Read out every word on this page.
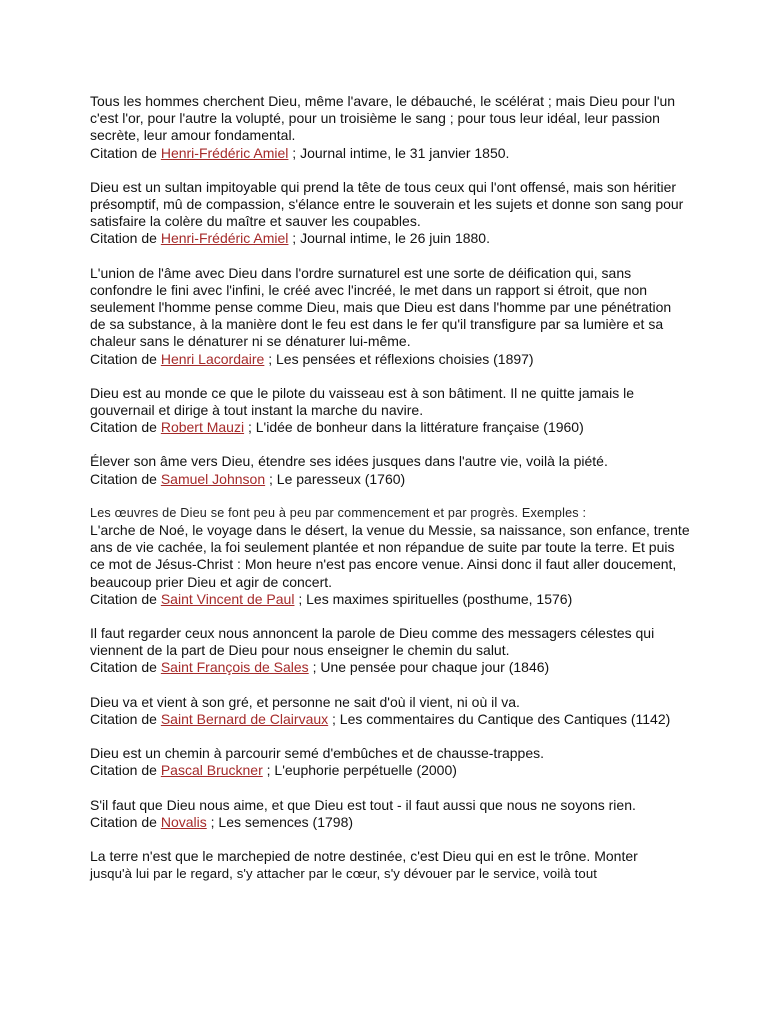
Tous les hommes cherchent Dieu, même l'avare, le débauché, le scélérat ; mais Dieu pour l'un c'est l'or, pour l'autre la volupté, pour un troisième le sang ; pour tous leur idéal, leur passion secrète, leur amour fondamental.
Citation de Henri-Frédéric Amiel ; Journal intime, le 31 janvier 1850.
Dieu est un sultan impitoyable qui prend la tête de tous ceux qui l'ont offensé, mais son héritier présomptif, mû de compassion, s'élance entre le souverain et les sujets et donne son sang pour satisfaire la colère du maître et sauver les coupables.
Citation de Henri-Frédéric Amiel ; Journal intime, le 26 juin 1880.
L'union de l'âme avec Dieu dans l'ordre surnaturel est une sorte de déification qui, sans confondre le fini avec l'infini, le créé avec l'incréé, le met dans un rapport si étroit, que non seulement l'homme pense comme Dieu, mais que Dieu est dans l'homme par une pénétration de sa substance, à la manière dont le feu est dans le fer qu'il transfigure par sa lumière et sa chaleur sans le dénaturer ni se dénaturer lui-même.
Citation de Henri Lacordaire ; Les pensées et réflexions choisies (1897)
Dieu est au monde ce que le pilote du vaisseau est à son bâtiment. Il ne quitte jamais le gouvernail et dirige à tout instant la marche du navire.
Citation de Robert Mauzi ; L'idée de bonheur dans la littérature française (1960)
Élever son âme vers Dieu, étendre ses idées jusques dans l'autre vie, voilà la piété.
Citation de Samuel Johnson ; Le paresseux (1760)
Les œuvres de Dieu se font peu à peu par commencement et par progrès. Exemples :
L'arche de Noé, le voyage dans le désert, la venue du Messie, sa naissance, son enfance, trente ans de vie cachée, la foi seulement plantée et non répandue de suite par toute la terre. Et puis ce mot de Jésus-Christ : Mon heure n'est pas encore venue. Ainsi donc il faut aller doucement, beaucoup prier Dieu et agir de concert.
Citation de Saint Vincent de Paul ; Les maximes spirituelles (posthume, 1576)
Il faut regarder ceux nous annoncent la parole de Dieu comme des messagers célestes qui viennent de la part de Dieu pour nous enseigner le chemin du salut.
Citation de Saint François de Sales ; Une pensée pour chaque jour (1846)
Dieu va et vient à son gré, et personne ne sait d'où il vient, ni où il va.
Citation de Saint Bernard de Clairvaux ; Les commentaires du Cantique des Cantiques (1142)
Dieu est un chemin à parcourir semé d'embûches et de chausse-trappes.
Citation de Pascal Bruckner ; L'euphorie perpétuelle (2000)
S'il faut que Dieu nous aime, et que Dieu est tout - il faut aussi que nous ne soyons rien.
Citation de Novalis ; Les semences (1798)
La terre n'est que le marchepied de notre destinée, c'est Dieu qui en est le trône. Monter
jusqu'à lui par le regard, s'y attacher par le cœur, s'y dévouer par le service, voilà tout
